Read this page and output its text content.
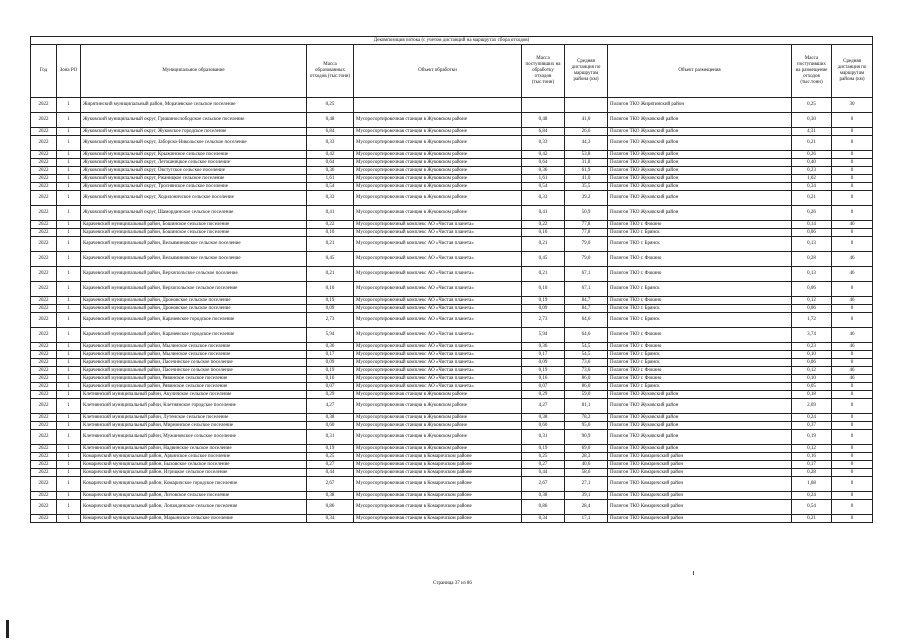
Декомпозиция потока (с учетом дистанций на маршрутах сбора отходов)									
Год	Зона РО	Муниципальное образование	Масса образованных отходов (тыс.тонн)	Объект обработки	Масса поступивших на обработку отходов (тыс.тонн)	Средняя дистанция по маршрутам района (км)	Объект размещения	Масса поступивших на размещение отходов (тыс.тонн)	Средняя дистанция по маршрутам района (км)
2022	1	Жирятинский муниципальный район, Морачевское сельское поселение	0,25				Полигон ТКО Жирятинский район	0,25	30
2022	1	Жуковский муниципальный округ, Гришинослободское сельское поселение	0,48	Мусоросортировочная станция в Жуковском районе	0,48	41,0	Полигон ТКО Жуковский район	0,30	0
2022	1	Жуковский муниципальный округ, Жуковское городское поселение	6,84	Мусоросортировочная станция в Жуковском районе	6,84	26,6	Полигон ТКО Жуковский район	4,31	0
2022	1	Жуковский муниципальный округ, Заборско-Никольское сельское поселение	0,33	Мусоросортировочная станция в Жуковском районе	0,33	44,3	Полигон ТКО Жуковский район	0,21	0
2022	1	Жуковский муниципальный округ, Крыжинское сельское поселение	0,42	Мусоросортировочная станция в Жуковском районе	0,42	53,8	Полигон ТКО Жуковский район	0,26	0
2022	1	Жуковский муниципальный округ, Летошницкое сельское поселение	0,64	Мусоросортировочная станция в Жуковском районе	0,64	31,8	Полигон ТКО Жуковский район	0,40	0
2022	1	Жуковский муниципальный округ, Овстугское сельское поселение	0,36	Мусоросортировочная станция в Жуковском районе	0,36	61,9	Полигон ТКО Жуковский район	0,23	0
2022	1	Жуковский муниципальный округ, Ржаницкое сельское поселение	1,61	Мусоросортировочная станция в Жуковском районе	1,61	41,0	Полигон ТКО Жуковский район	1,02	0
2022	1	Жуковский муниципальный округ, Троснянское сельское поселение	0,54	Мусоросортировочная станция в Жуковском районе	0,54	35,5	Полигон ТКО Жуковский район	0,34	0
2022	1	Жуковский муниципальный округ, Ходилоничское сельское поселение	0,33	Мусоросортировочная станция в Жуковском районе	0,33	39,2	Полигон ТКО Жуковский район	0,21	0
2022	1	Жуковский муниципальный округ, Шамординское сельское поселение	0,41	Мусоросортировочная станция в Жуковском районе	0,41	50,9	Полигон ТКО Жуковский район	0,26	0
2022	1	Карачевский муниципальный район, Бошинское сельское поселение	0,22	Мусоросортировочный комплекс АО «Чистая планета»	0,22	77,8	Полигон ТКО г. Фокино	0,14	46
2022	1	Карачевский муниципальный район, Бошинское сельское поселение	0,10	Мусоросортировочный комплекс АО «Чистая планета»	0,10	77,8	Полигон ТКО г. Брянск	0,06	0
2022	1	Карачевский муниципальный район, Вельяминовское сельское поселение	0,21	Мусоросортировочный комплекс АО «Чистая планета»	0,21	79,0	Полигон ТКО г. Брянск	0,13	0
2022	1	Карачевский муниципальный район, Вельяминовское сельское поселение	0,45	Мусоросортировочный комплекс АО «Чистая планета»	0,45	79,0	Полигон ТКО г. Фокино	0,28	46
2022	1	Карачевский муниципальный район, Верхополъское сельское поселение	0,21	Мусоросортировочный комплекс АО «Чистая планета»	0,21	67,1	Полигон ТКО г. Фокино	0,13	46
2022	1	Карачевский муниципальный район, Верхопольское сельское поселение	0,10	Мусоросортировочный комплекс АО «Чистая планета»	0,10	67,1	Полигон ТКО г. Брянск	0,06	0
2022	1	Карачевский муниципальный район, Дроновское сельское поселение	0,19	Мусоросортировочный комплекс АО «Чистая планета»	0,19	84,7	Полигон ТКО г. Фокино	0,12	46
2022	1	Карачевский муниципальный район, Дроновское сельское поселение	0,09	Мусоросортировочный комплекс АО «Чистая планета»	0,09	84,7	Полигон ТКО г. Брянск	0,06	0
2022	1	Карачевский муниципальный район, Карачевское городское поселение	2,73	Мусоросортировочный комплекс АО «Чистая планета»	2,73	64,6	Полигон ТКО г. Брянск	1,72	0
2022	1	Карачевский муниципальный район, Карачевское городское поселение	5,94	Мусоросортировочный комплекс АО «Чистая планета»	5,94	64,6	Полигон ТКО г. Фокино	3,74	46
2022	1	Карачевский муниципальный район, Мылинское сельское поселение	0,36	Мусоросортировочный комплекс АО «Чистая планета»	0,36	54,5	Полигон ТКО г. Фокино	0,23	46
2022	1	Карачевский муниципальный район, Мылинское сельское поселение	0,17	Мусоросортировочный комплекс АО «Чистая планета»	0,17	54,5	Полигон ТКО г. Брянск	0,10	0
2022	1	Карачевский муниципальный район, Пасечинское сельское поселение	0,09	Мусоросортировочный комплекс АО «Чистая планета»	0,09	73,6	Полигон ТКО г. Брянск	0,06	0
2022	1	Карачевский муниципальный район, Пасечинское сельское поселение	0,19	Мусоросортировочный комплекс АО «Чистая планета»	0,19	73,6	Полигон ТКО г. Фокино	0,12	46
2022	1	Карачевский муниципальный район, Рявинское сельское поселение	0,16	Мусоросортировочный комплекс АО «Чистая планета»	0,16	86,0	Полигон ТКО г. Фокино	0,10	46
2022	1	Карачевский муниципальный район, Рявинское сельское поселение	0,07	Мусоросортировочный комплекс АО «Чистая планета»	0,07	86,0	Полигон ТКО г. Брянск	0,05	0
2022	1	Клетнянский муниципальный район, Акуличское сельское поселение	0,29	Мусоросортировочная станция в Жуковском районе	0,29	59,0	Полигон ТКО Жуковский район	0,18	0
2022	1	Клетнянский муниципальный район, Клетнянское городское поселение	4,27	Мусоросортировочная станция в Жуковском районе	4,27	81,1	Полигон ТКО Жуковский район	2,69	0
2022	1	Клетнянский муниципальный район, Лутенское сельское поселение	0,38	Мусоросортировочная станция в Жуковском районе	0,38	78,2	Полигон ТКО Жуковский район	0,24	0
2022	1	Клетнянский муниципальный район, Мирнинское сельское поселение	0,60	Мусоросортировочная станция в Жуковском районе	0,60	95,6	Полигон ТКО Жуковский район	0,37	0
2022	1	Клетнянский муниципальный район, Мужиновское сельское поселение	0,31	Мусоросортировочная станция в Жуковском районе	0,31	90,9	Полигон ТКО Жуковский район	0,19	0
2022	1	Клетнянский муниципальный район, Надвинское сельское поселение	0,19	Мусоросортировочная станция в Жуковском районе	0,19	69,0	Полигон ТКО Жуковский район	0,12	0
2022	1	Комаричский муниципальный район, Аркинское сельское поселение	0,25	Мусоросортировочная станция в Комаричском районе	0,25	28,3	Полигон ТКО Комаричский район	0,16	0
2022	1	Комаричский муниципальный район, Быховское сельское поселение	0,27	Мусоросортировочная станция в Комаричском районе	0,27	40,6	Полигон ТКО Комаричский район	0,17	0
2022	1	Комаричский муниципальный район, Игрицкое сельское поселение	0,44	Мусоросортировочная станция в Комаричском районе	0,44	58,6	Полигон ТКО Комаричский район	0,28	0
2022	1	Комаричский муниципальный район, Комаричское городское поселение	2,67	Мусоросортировочная станция в Комаричском районе	2,67	27,1	Полигон ТКО Комаричский район	1,68	0
2022	1	Комаричский муниципальный район, Литовское сельское поселение	0,38	Мусоросортировочная станция в Комаричском районе	0,38	39,1	Полигон ТКО Комаричский район	0,24	0
2022	1	Комаричский муниципальный район, Лопандинское сельское поселение	0,86	Мусоросортировочная станция в Комаричском районе	0,86	28,4	Полигон ТКО Комаричский район	0,54	0
2022	1	Комаричский муниципальный район, Марьинское сельское поселение	0,34	Мусоросортировочная станция в Комаричском районе	0,34	17,1	Полигон ТКО Комаричский район	0,21	0
Страница 37 из 86
